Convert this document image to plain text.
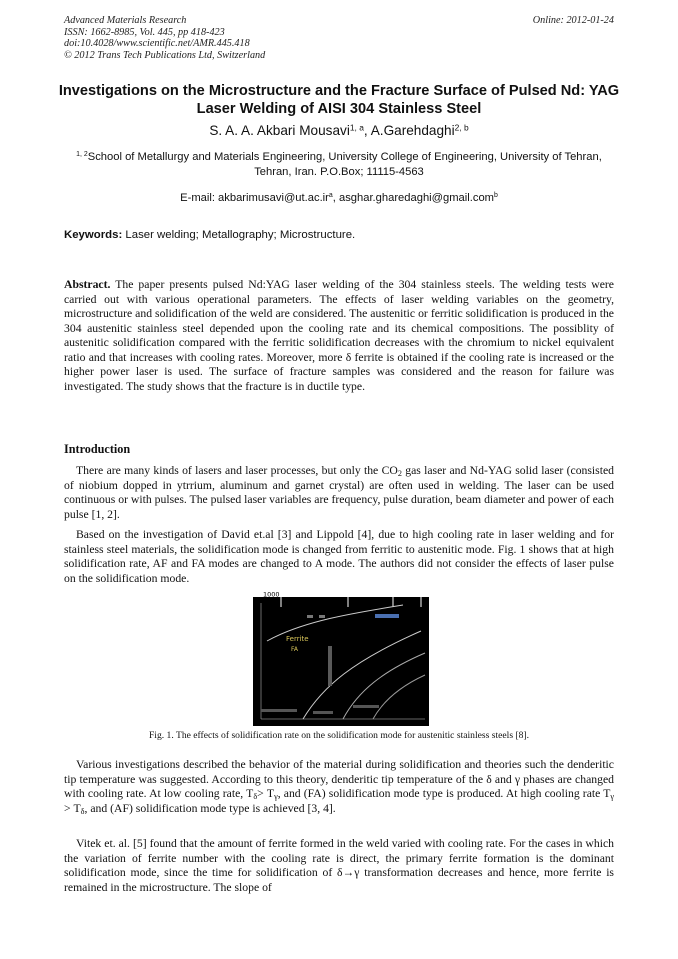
Advanced Materials Research
ISSN: 1662-8985, Vol. 445, pp 418-423
doi:10.4028/www.scientific.net/AMR.445.418
© 2012 Trans Tech Publications Ltd, Switzerland
Online: 2012-01-24
Investigations on the Microstructure and the Fracture Surface of Pulsed Nd: YAG Laser Welding of AISI 304 Stainless Steel
S. A. A. Akbari Mousavi$^{1, a}$, A.Garehdaghi$^{2, b}$
$^{1, 2}$School of Metallurgy and Materials Engineering, University College of Engineering, University of Tehran, Tehran, Iran. P.O.Box; 11115-4563
E-mail: $akbarimusavi@ut.ac.ir^a$, asghar.gharedaghi@gmail.com$^b$
Keywords: Laser welding; Metallography; Microstructure.
Abstract. The paper presents pulsed Nd:YAG laser welding of the 304 stainless steels. The welding tests were carried out with various operational parameters. The effects of laser welding variables on the geometry, microstructure and solidification of the weld are considered. The austenitic or ferritic solidification is produced in the 304 austenitic stainless steel depended upon the cooling rate and its chemical compositions. The possiblity of austenitic solidification compared with the ferritic solidification decreases with the chromium to nickel equivalent ratio and that increases with cooling rates. Moreover, more δ ferrite is obtained if the cooling rate is increased or the higher power laser is used. The surface of fracture samples was considered and the reason for failure was investigated. The study shows that the fracture is in ductile type.
Introduction
There are many kinds of lasers and laser processes, but only the $CO_2$ gas laser and Nd-YAG solid laser (consisted of niobium dopped in ytrrium, aluminum and garnet crystal) are often used in welding. The laser can be used continuous or with pulses. The pulsed laser variables are frequency, pulse duration, beam diameter and power of each pulse [1, 2].
Based on the investigation of David et.al [3] and Lippold [4], due to high cooling rate in laser welding and for stainless steel materials, the solidification mode is changed from ferritic to austenitic mode. Fig. 1 shows that at high solidification rate, AF and FA modes are changed to A mode. The authors did not consider the effects of laser pulse on the solidification mode.
1000
Ferrite
FA
Fig. 1. The effects of solidification rate on the solidification mode for austenitic stainless steels [8].
Various investigations described the behavior of the material during solidification and theories such the denderitic tip temperature was suggested. According to this theory, denderitic tip temperature of the δ and γ phases are changed with cooling rate. At low cooling rate, $T_\delta> T_\gamma$, and (FA) solidification mode type is produced. At high cooling rate $T_\gamma > T_\delta$, and (AF) solidification mode type is achieved [3, 4].
Vitek et. al. [5] found that the amount of ferrite formed in the weld varied with cooling rate. For the cases in which the variation of ferrite number with the cooling rate is direct, the primary ferrite formation is the dominant solidification mode, since the time for solidification of δ→γ transformation decreases and hence, more ferrite is remained in the microstructure. The slope of
